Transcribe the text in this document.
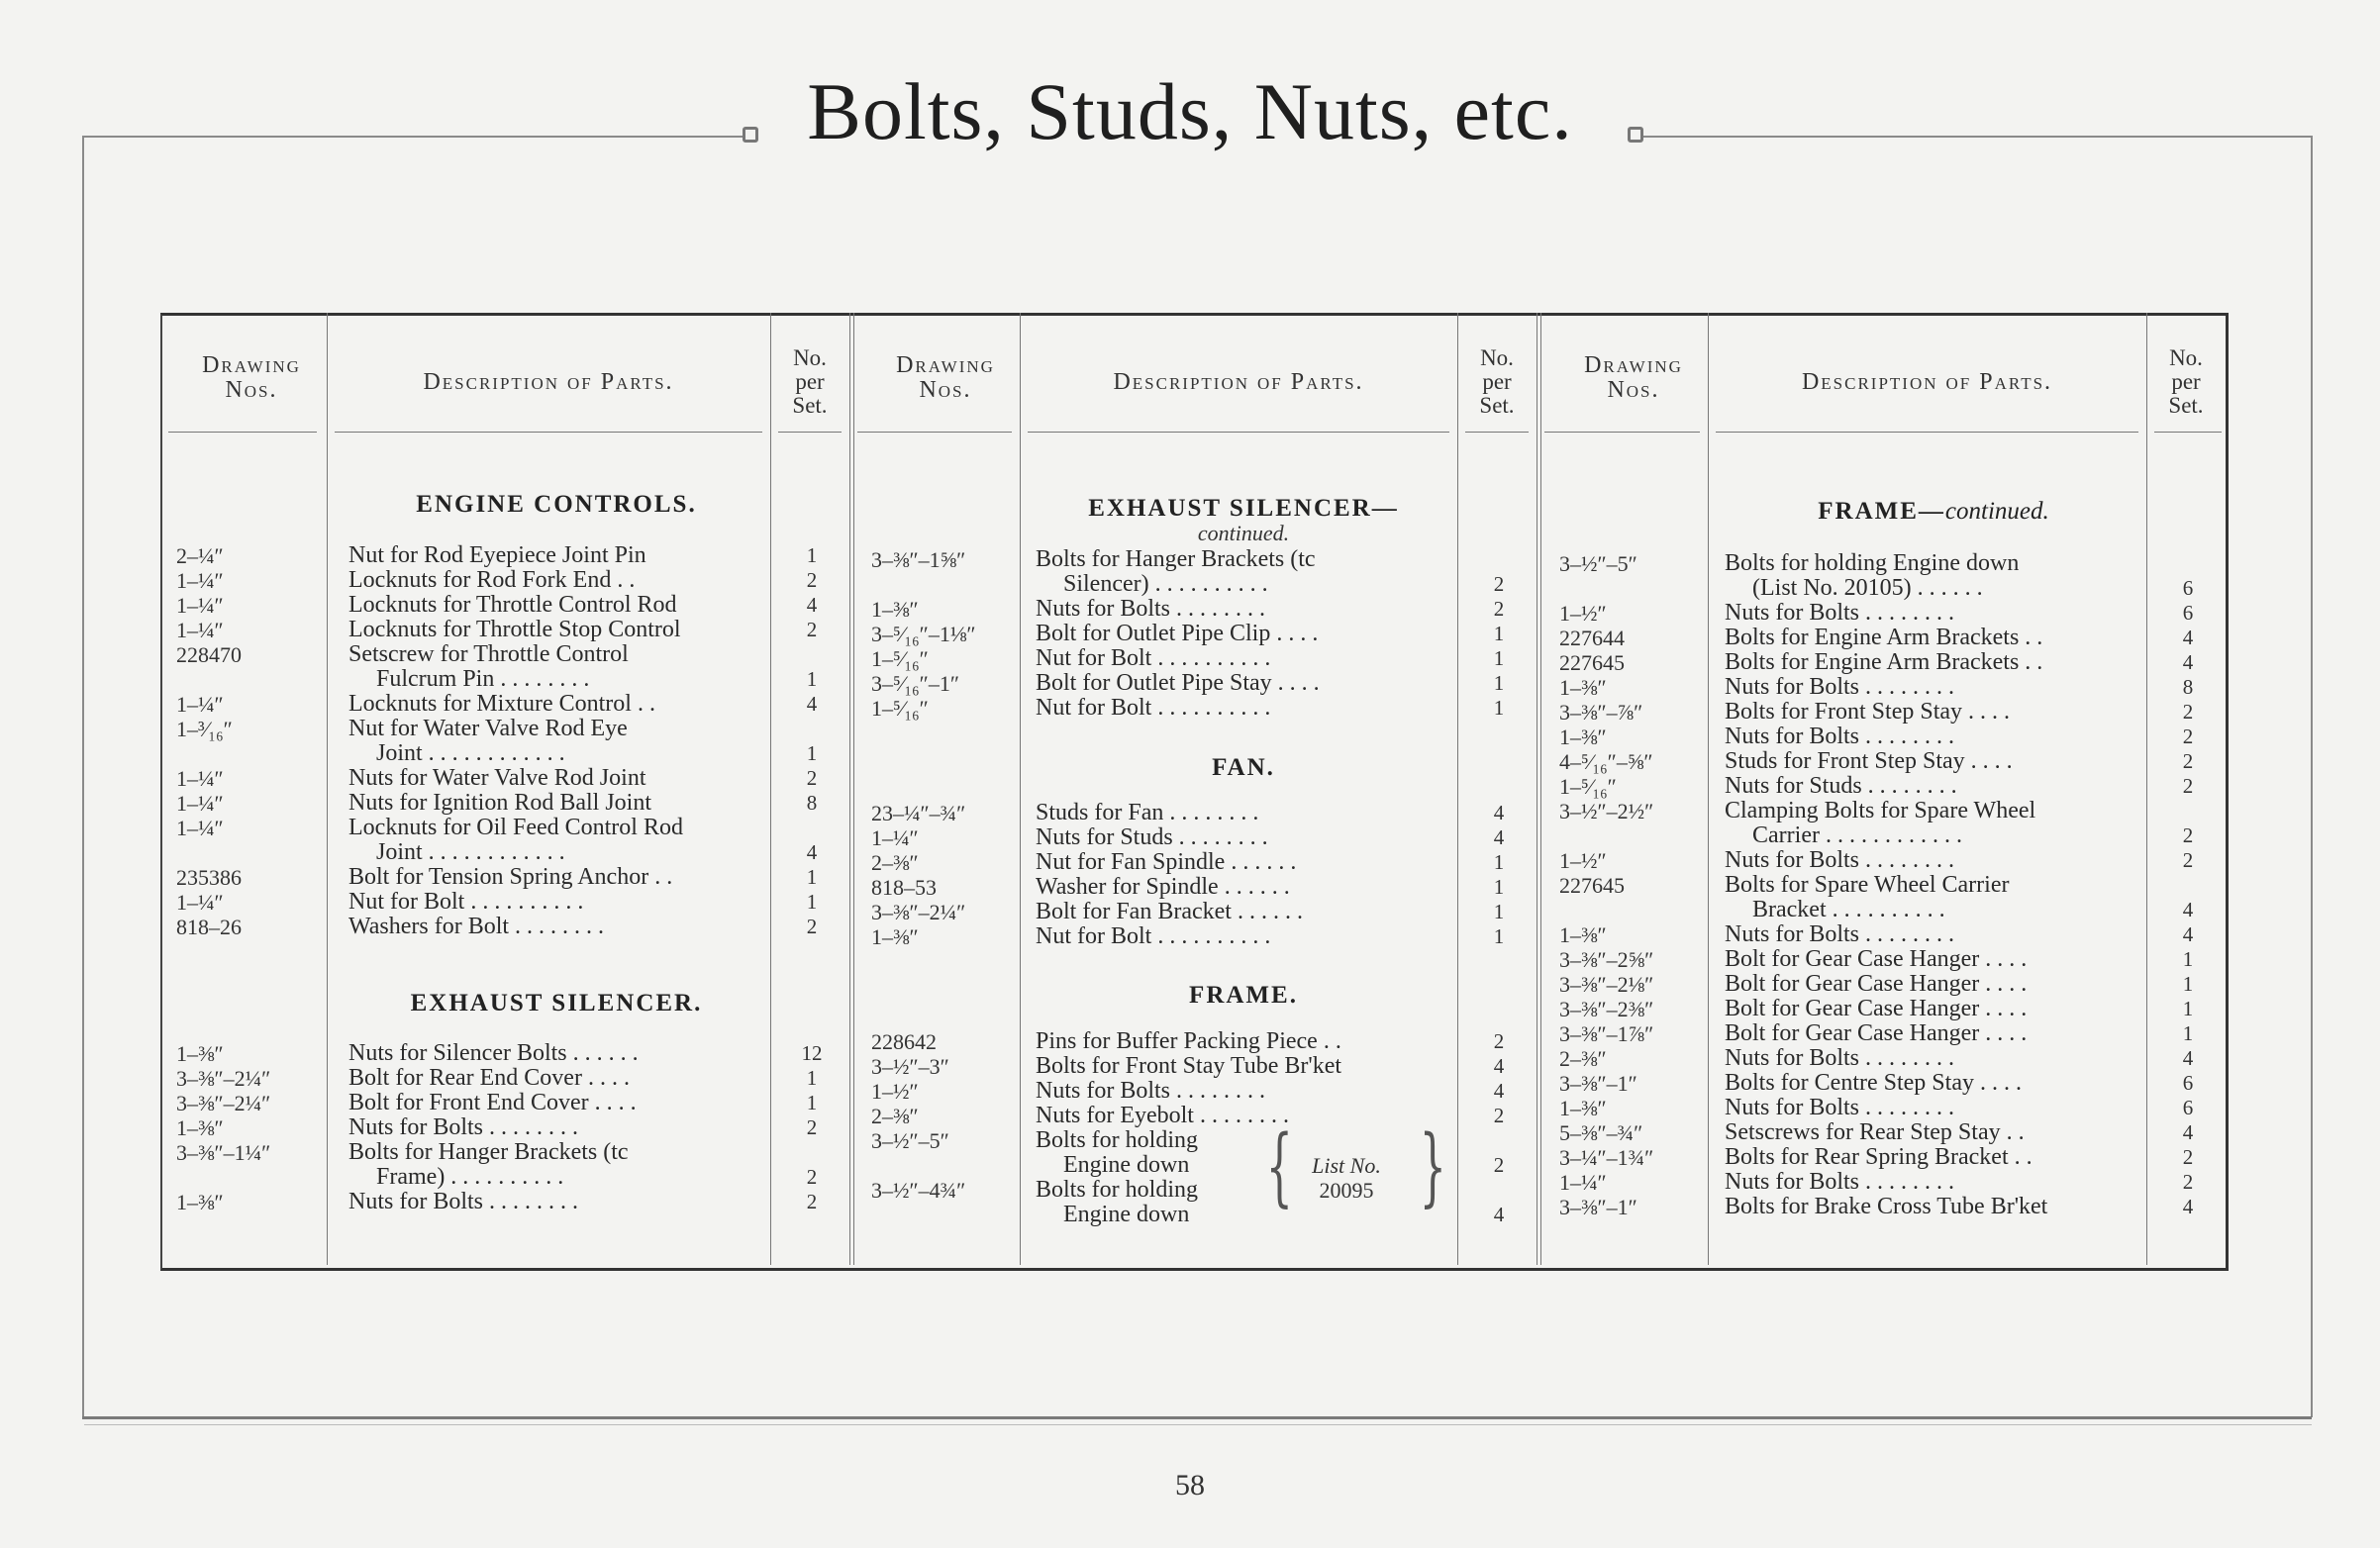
Bolts, Studs, Nuts, etc.
Drawing
Nos.	Description of Parts.
No.
per
Set.
Drawing
Nos.	Description of Parts.
No.
per
Set.
Drawing
Nos.	Description of Parts.
No.
per
Set.
ENGINE CONTROLS.
2–¼″	Nut for Rod Eyepiece Joint Pin	1
1–¼″	Locknuts for Rod Fork End . .	2
1–¼″	Locknuts for Throttle Control Rod	4
1–¼″	Locknuts for Throttle Stop Control	2
228470	Setscrew for Throttle Control
Fulcrum Pin . . . . . . . .	1
1–¼″	Locknuts for Mixture Control . .	4
1–³⁄₁₆″	Nut for Water Valve Rod Eye
Joint . . . . . . . . . . . .	1
1–¼″	Nuts for Water Valve Rod Joint	2
1–¼″	Nuts for Ignition Rod Ball Joint	8
1–¼″	Locknuts for Oil Feed Control Rod
Joint . . . . . . . . . . . .	4
235386	Bolt for Tension Spring Anchor . .	1
1–¼″	Nut for Bolt . . . . . . . . . .	1
818–26	Washers for Bolt . . . . . . . .	2
EXHAUST SILENCER.
1–⅜″	Nuts for Silencer Bolts . . . . . .	12
3–⅜″–2¼″	Bolt for Rear End Cover . . . .	1
3–⅜″–2¼″	Bolt for Front End Cover . . . .	1
1–⅜″	Nuts for Bolts . . . . . . . .	2
3–⅜″–1¼″	Bolts for Hanger Brackets (tc
Frame) . . . . . . . . . .	2
1–⅜″	Nuts for Bolts . . . . . . . .	2
EXHAUST SILENCER—
continued.
3–⅜″–1⅝″	Bolts for Hanger Brackets (tc
Silencer) . . . . . . . . . .	2
1–⅜″	Nuts for Bolts . . . . . . . .	2
3–⁵⁄₁₆″–1⅛″	Bolt for Outlet Pipe Clip . . . .	1
1–⁵⁄₁₆″	Nut for Bolt . . . . . . . . . .	1
3–⁵⁄₁₆″–1″	Bolt for Outlet Pipe Stay . . . .	1
1–⁵⁄₁₆″	Nut for Bolt . . . . . . . . . .	1
FAN.
23–¼″–¾″	Studs for Fan . . . . . . . .	4
1–¼″	Nuts for Studs . . . . . . . .	4
2–⅜″	Nut for Fan Spindle . . . . . .	1
818–53	Washer for Spindle . . . . . .	1
3–⅜″–2¼″	Bolt for Fan Bracket . . . . . .	1
1–⅜″	Nut for Bolt . . . . . . . . . .	1
FRAME.
228642	Pins for Buffer Packing Piece . .	2
3–½″–3″	Bolts for Front Stay Tube Br'ket	4
1–½″	Nuts for Bolts . . . . . . . .	4
2–⅜″	Nuts for Eyebolt . . . . . . . .	2
3–½″–5″	Bolts for holding
Engine down	2
3–½″–4¾″	Bolts for holding
Engine down	4
{ }
List No.
20095
FRAME—continued.
3–½″–5″	Bolts for holding Engine down
(List No. 20105) . . . . . .	6
1–½″	Nuts for Bolts . . . . . . . .	6
227644	Bolts for Engine Arm Brackets . .	4
227645	Bolts for Engine Arm Brackets . .	4
1–⅜″	Nuts for Bolts . . . . . . . .	8
3–⅜″–⅞″	Bolts for Front Step Stay . . . .	2
1–⅜″	Nuts for Bolts . . . . . . . .	2
4–⁵⁄₁₆″–⅝″	Studs for Front Step Stay . . . .	2
1–⁵⁄₁₆″	Nuts for Studs . . . . . . . .	2
3–½″–2½″	Clamping Bolts for Spare Wheel
Carrier . . . . . . . . . . . .	2
1–½″	Nuts for Bolts . . . . . . . .	2
227645	Bolts for Spare Wheel Carrier
Bracket . . . . . . . . . .	4
1–⅜″	Nuts for Bolts . . . . . . . .	4
3–⅜″–2⅝″	Bolt for Gear Case Hanger . . . .	1
3–⅜″–2⅛″	Bolt for Gear Case Hanger . . . .	1
3–⅜″–2⅜″	Bolt for Gear Case Hanger . . . .	1
3–⅜″–1⅞″	Bolt for Gear Case Hanger . . . .	1
2–⅜″	Nuts for Bolts . . . . . . . .	4
3–⅜″–1″	Bolts for Centre Step Stay . . . .	6
1–⅜″	Nuts for Bolts . . . . . . . .	6
5–⅜″–¾″	Setscrews for Rear Step Stay . .	4
3–¼″–1¾″	Bolts for Rear Spring Bracket . .	2
1–¼″	Nuts for Bolts . . . . . . . .	2
3–⅜″–1″	Bolts for Brake Cross Tube Br'ket	4
58
